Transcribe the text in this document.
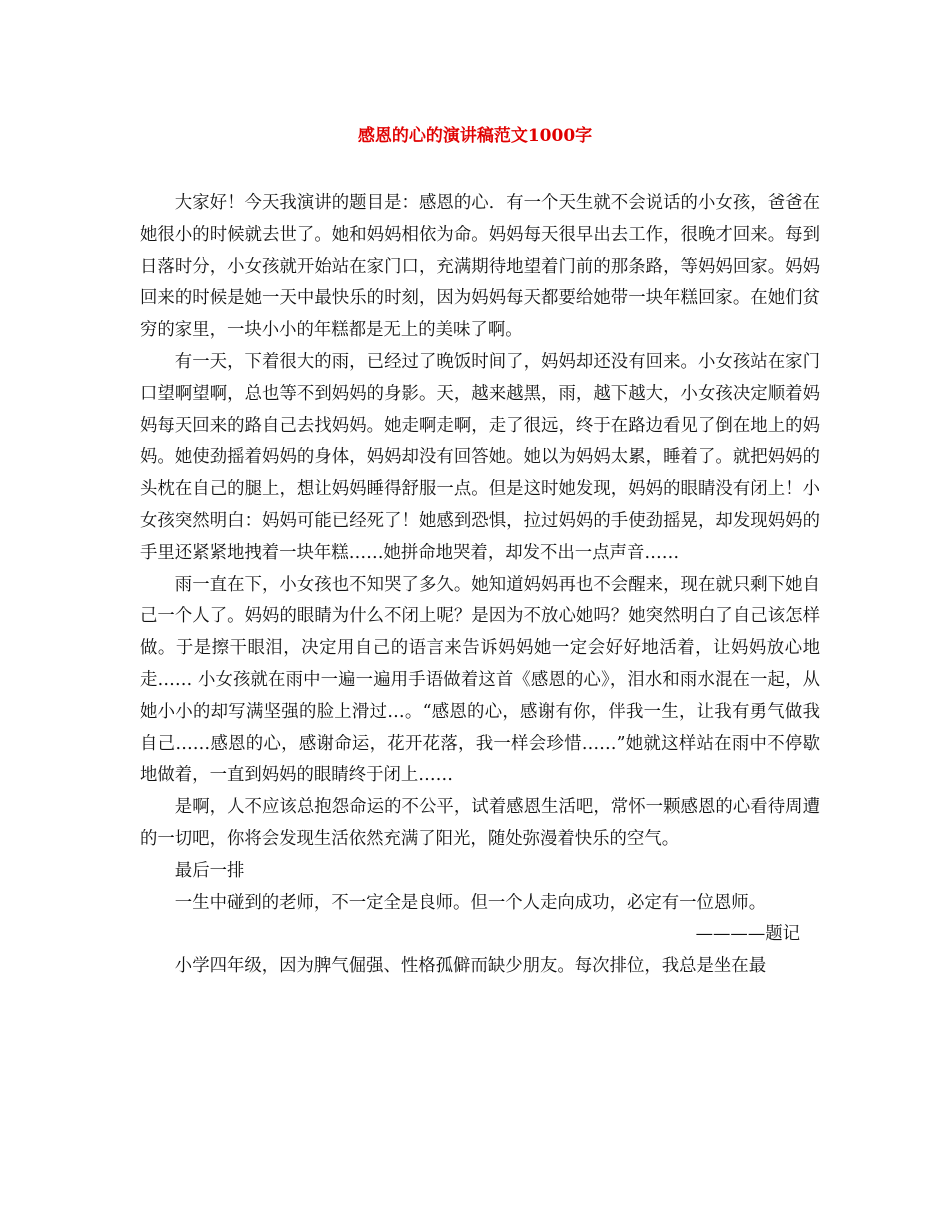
感恩的心的演讲稿范文1000字

大家好！今天我演讲的题目是：感恩的心．有一个天生就不会说话的小女孩，爸爸在她很小的时候就去世了。她和妈妈相依为命。妈妈每天很早出去工作，很晚才回来。每到日落时分，小女孩就开始站在家门口，充满期待地望着门前的那条路，等妈妈回家。妈妈回来的时候是她一天中最快乐的时刻，因为妈妈每天都要给她带一块年糕回家。在她们贫穷的家里，一块小小的年糕都是无上的美味了啊。

有一天，下着很大的雨，已经过了晚饭时间了，妈妈却还没有回来。小女孩站在家门口望啊望啊，总也等不到妈妈的身影。天，越来越黑，雨，越下越大，小女孩决定顺着妈妈每天回来的路自己去找妈妈。她走啊走啊，走了很远，终于在路边看见了倒在地上的妈妈。她使劲摇着妈妈的身体，妈妈却没有回答她。她以为妈妈太累，睡着了。就把妈妈的头枕在自己的腿上，想让妈妈睡得舒服一点。但是这时她发现，妈妈的眼睛没有闭上！小女孩突然明白：妈妈可能已经死了！她感到恐惧，拉过妈妈的手使劲摇晃，却发现妈妈的手里还紧紧地拽着一块年糕……她拼命地哭着，却发不出一点声音……

雨一直在下，小女孩也不知哭了多久。她知道妈妈再也不会醒来，现在就只剩下她自己一个人了。妈妈的眼睛为什么不闭上呢？是因为不放心她吗？她突然明白了自己该怎样做。于是擦干眼泪，决定用自己的语言来告诉妈妈她一定会好好地活着，让妈妈放心地走…… 小女孩就在雨中一遍一遍用手语做着这首《感恩的心》，泪水和雨水混在一起，从她小小的却写满坚强的脸上滑过…。“感恩的心，感谢有你，伴我一生，让我有勇气做我自己……感恩的心，感谢命运，花开花落，我一样会珍惜……”她就这样站在雨中不停歇地做着，一直到妈妈的眼睛终于闭上……

是啊，人不应该总抱怨命运的不公平，试着感恩生活吧，常怀一颗感恩的心看待周遭的一切吧，你将会发现生活依然充满了阳光，随处弥漫着快乐的空气。

最后一排

一生中碰到的老师，不一定全是良师。但一个人走向成功，必定有一位恩师。

————题记

小学四年级，因为脾气倔强、性格孤僻而缺少朋友。每次排位，我总是坐在最
